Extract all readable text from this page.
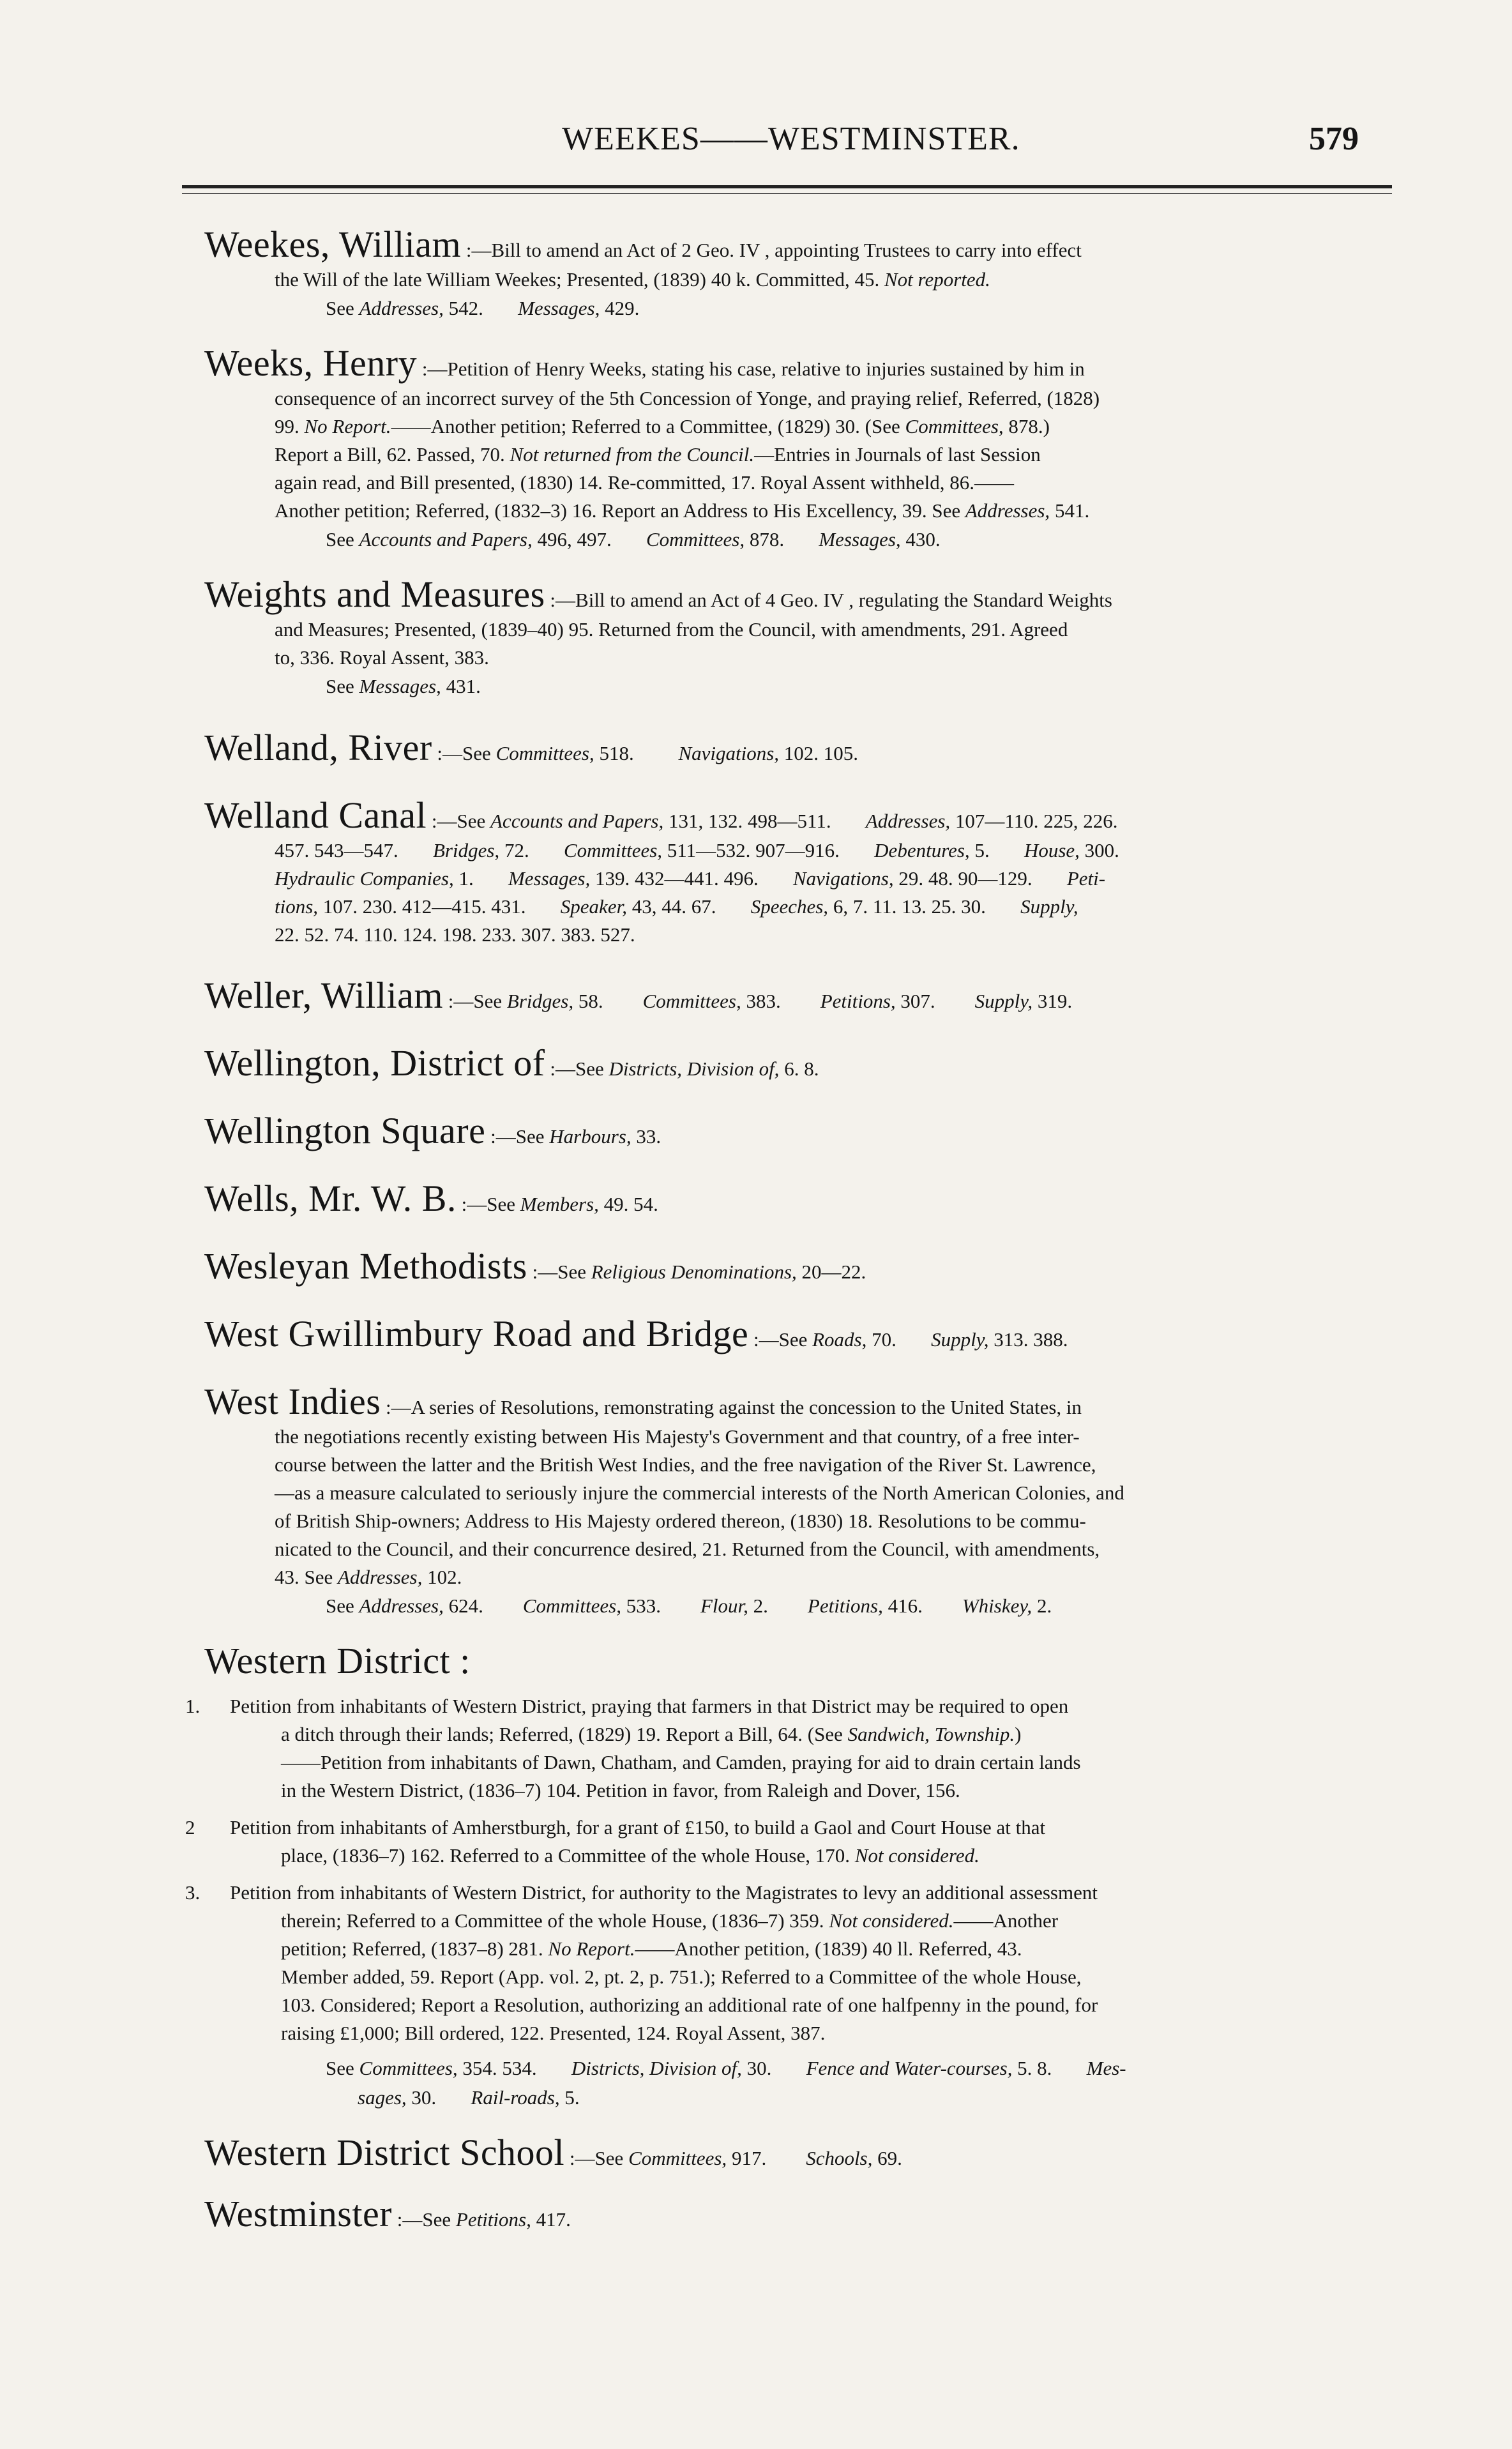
WEEKES——WESTMINSTER.	579
Weekes, William :—Bill to amend an Act of 2 Geo. IV , appointing Trustees to carry into effect
the Will of the late William Weekes; Presented, (1839) 40 k. Committed, 45. Not reported.
See Addresses, 542. Messages, 429.
Weeks, Henry :—Petition of Henry Weeks, stating his case, relative to injuries sustained by him in
consequence of an incorrect survey of the 5th Concession of Yonge, and praying relief, Referred, (1828)
99. No Report.——Another petition; Referred to a Committee, (1829) 30. (See Committees, 878.)
Report a Bill, 62. Passed, 70. Not returned from the Council.—Entries in Journals of last Session
again read, and Bill presented, (1830) 14. Re-committed, 17. Royal Assent withheld, 86.——
Another petition; Referred, (1832–3) 16. Report an Address to His Excellency, 39. See Addresses, 541.
See Accounts and Papers, 496, 497. Committees, 878. Messages, 430.
Weights and Measures :—Bill to amend an Act of 4 Geo. IV , regulating the Standard Weights
and Measures; Presented, (1839–40) 95. Returned from the Council, with amendments, 291. Agreed
to, 336. Royal Assent, 383.
See Messages, 431.
Welland, River :—See Committees, 518. Navigations, 102. 105.
Welland Canal :—See Accounts and Papers, 131, 132. 498—511. Addresses, 107—110. 225, 226.
457. 543—547. Bridges, 72. Committees, 511—532. 907—916. Debentures, 5. House, 300.
Hydraulic Companies, 1. Messages, 139. 432—441. 496. Navigations, 29. 48. 90—129. Peti-
tions, 107. 230. 412—415. 431. Speaker, 43, 44. 67. Speeches, 6, 7. 11. 13. 25. 30. Supply,
22. 52. 74. 110. 124. 198. 233. 307. 383. 527.
Weller, William :—See Bridges, 58. Committees, 383. Petitions, 307. Supply, 319.
Wellington, District of :—See Districts, Division of, 6. 8.
Wellington Square :—See Harbours, 33.
Wells, Mr. W. B. :—See Members, 49. 54.
Wesleyan Methodists :—See Religious Denominations, 20—22.
West Gwillimbury Road and Bridge :—See Roads, 70. Supply, 313. 388.
West Indies :—A series of Resolutions, remonstrating against the concession to the United States, in
the negotiations recently existing between His Majesty's Government and that country, of a free inter-
course between the latter and the British West Indies, and the free navigation of the River St. Lawrence,
—as a measure calculated to seriously injure the commercial interests of the North American Colonies, and
of British Ship-owners; Address to His Majesty ordered thereon, (1830) 18. Resolutions to be commu-
nicated to the Council, and their concurrence desired, 21. Returned from the Council, with amendments,
43. See Addresses, 102.
See Addresses, 624. Committees, 533. Flour, 2. Petitions, 416. Whiskey, 2.
Western District :
1. Petition from inhabitants of Western District, praying that farmers in that District may be required to open
a ditch through their lands; Referred, (1829) 19. Report a Bill, 64. (See Sandwich, Township.)
——Petition from inhabitants of Dawn, Chatham, and Camden, praying for aid to drain certain lands
in the Western District, (1836–7) 104. Petition in favor, from Raleigh and Dover, 156.
2 Petition from inhabitants of Amherstburgh, for a grant of £150, to build a Gaol and Court House at that
place, (1836–7) 162. Referred to a Committee of the whole House, 170. Not considered.
3. Petition from inhabitants of Western District, for authority to the Magistrates to levy an additional assessment
therein; Referred to a Committee of the whole House, (1836–7) 359. Not considered.——Another
petition; Referred, (1837–8) 281. No Report.——Another petition, (1839) 40 ll. Referred, 43.
Member added, 59. Report (App. vol. 2, pt. 2, p. 751.); Referred to a Committee of the whole House,
103. Considered; Report a Resolution, authorizing an additional rate of one halfpenny in the pound, for
raising £1,000; Bill ordered, 122. Presented, 124. Royal Assent, 387.
See Committees, 354. 534. Districts, Division of, 30. Fence and Water-courses, 5. 8. Mes-
sages, 30. Rail-roads, 5.
Western District School :—See Committees, 917. Schools, 69.
Westminster :—See Petitions, 417.
